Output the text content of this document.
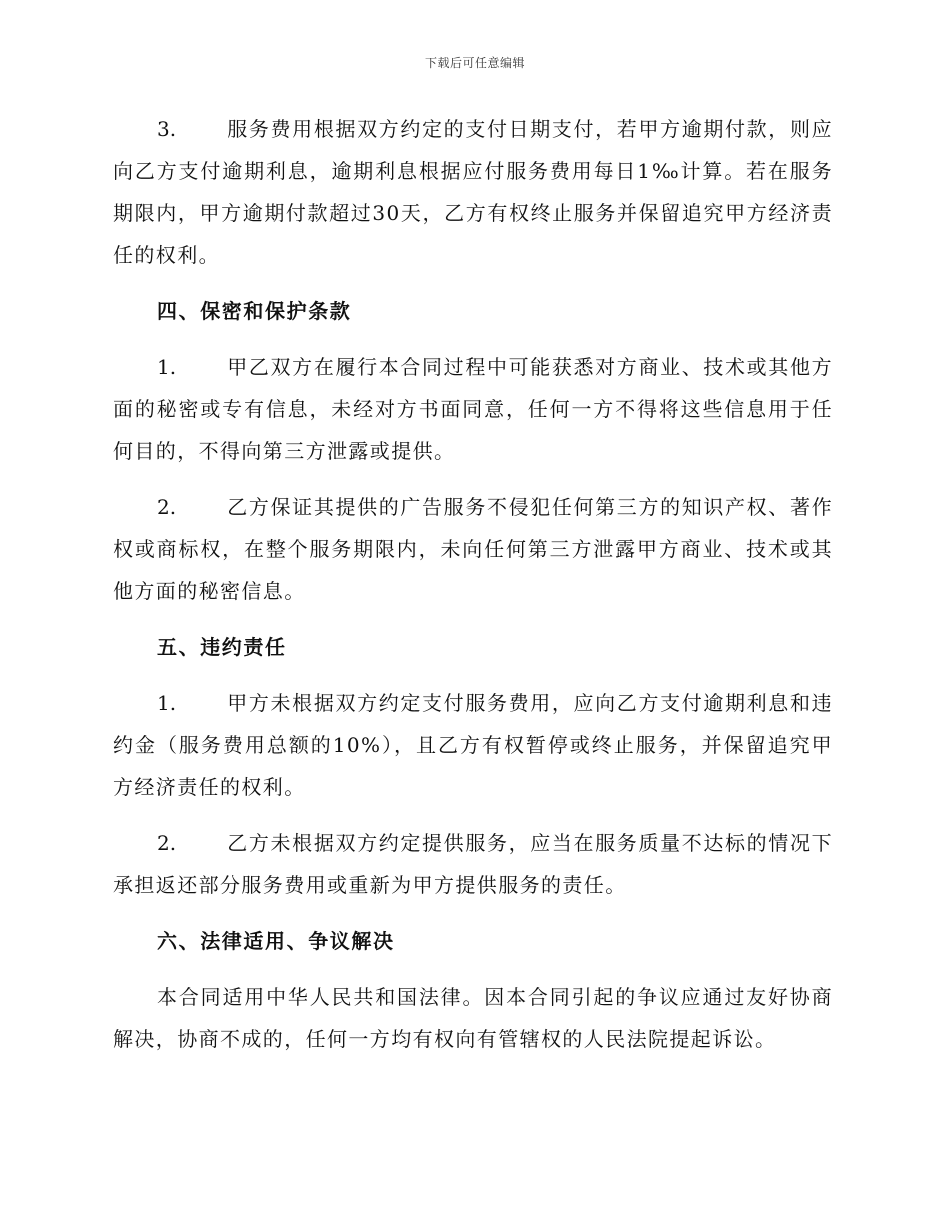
下载后可任意编辑

3.	服务费用根据双方约定的支付日期支付，若甲方逾期付款，则应向乙方支付逾期利息，逾期利息根据应付服务费用每日1‰计算。若在服务期限内，甲方逾期付款超过30天，乙方有权终止服务并保留追究甲方经济责任的权利。

四、保密和保护条款

1.	甲乙双方在履行本合同过程中可能获悉对方商业、技术或其他方面的秘密或专有信息，未经对方书面同意，任何一方不得将这些信息用于任何目的，不得向第三方泄露或提供。

2.	乙方保证其提供的广告服务不侵犯任何第三方的知识产权、著作权或商标权，在整个服务期限内，未向任何第三方泄露甲方商业、技术或其他方面的秘密信息。

五、违约责任

1.	甲方未根据双方约定支付服务费用，应向乙方支付逾期利息和违约金（服务费用总额的10%），且乙方有权暂停或终止服务，并保留追究甲方经济责任的权利。

2.	乙方未根据双方约定提供服务，应当在服务质量不达标的情况下承担返还部分服务费用或重新为甲方提供服务的责任。

六、法律适用、争议解决

本合同适用中华人民共和国法律。因本合同引起的争议应通过友好协商解决，协商不成的，任何一方均有权向有管辖权的人民法院提起诉讼。
